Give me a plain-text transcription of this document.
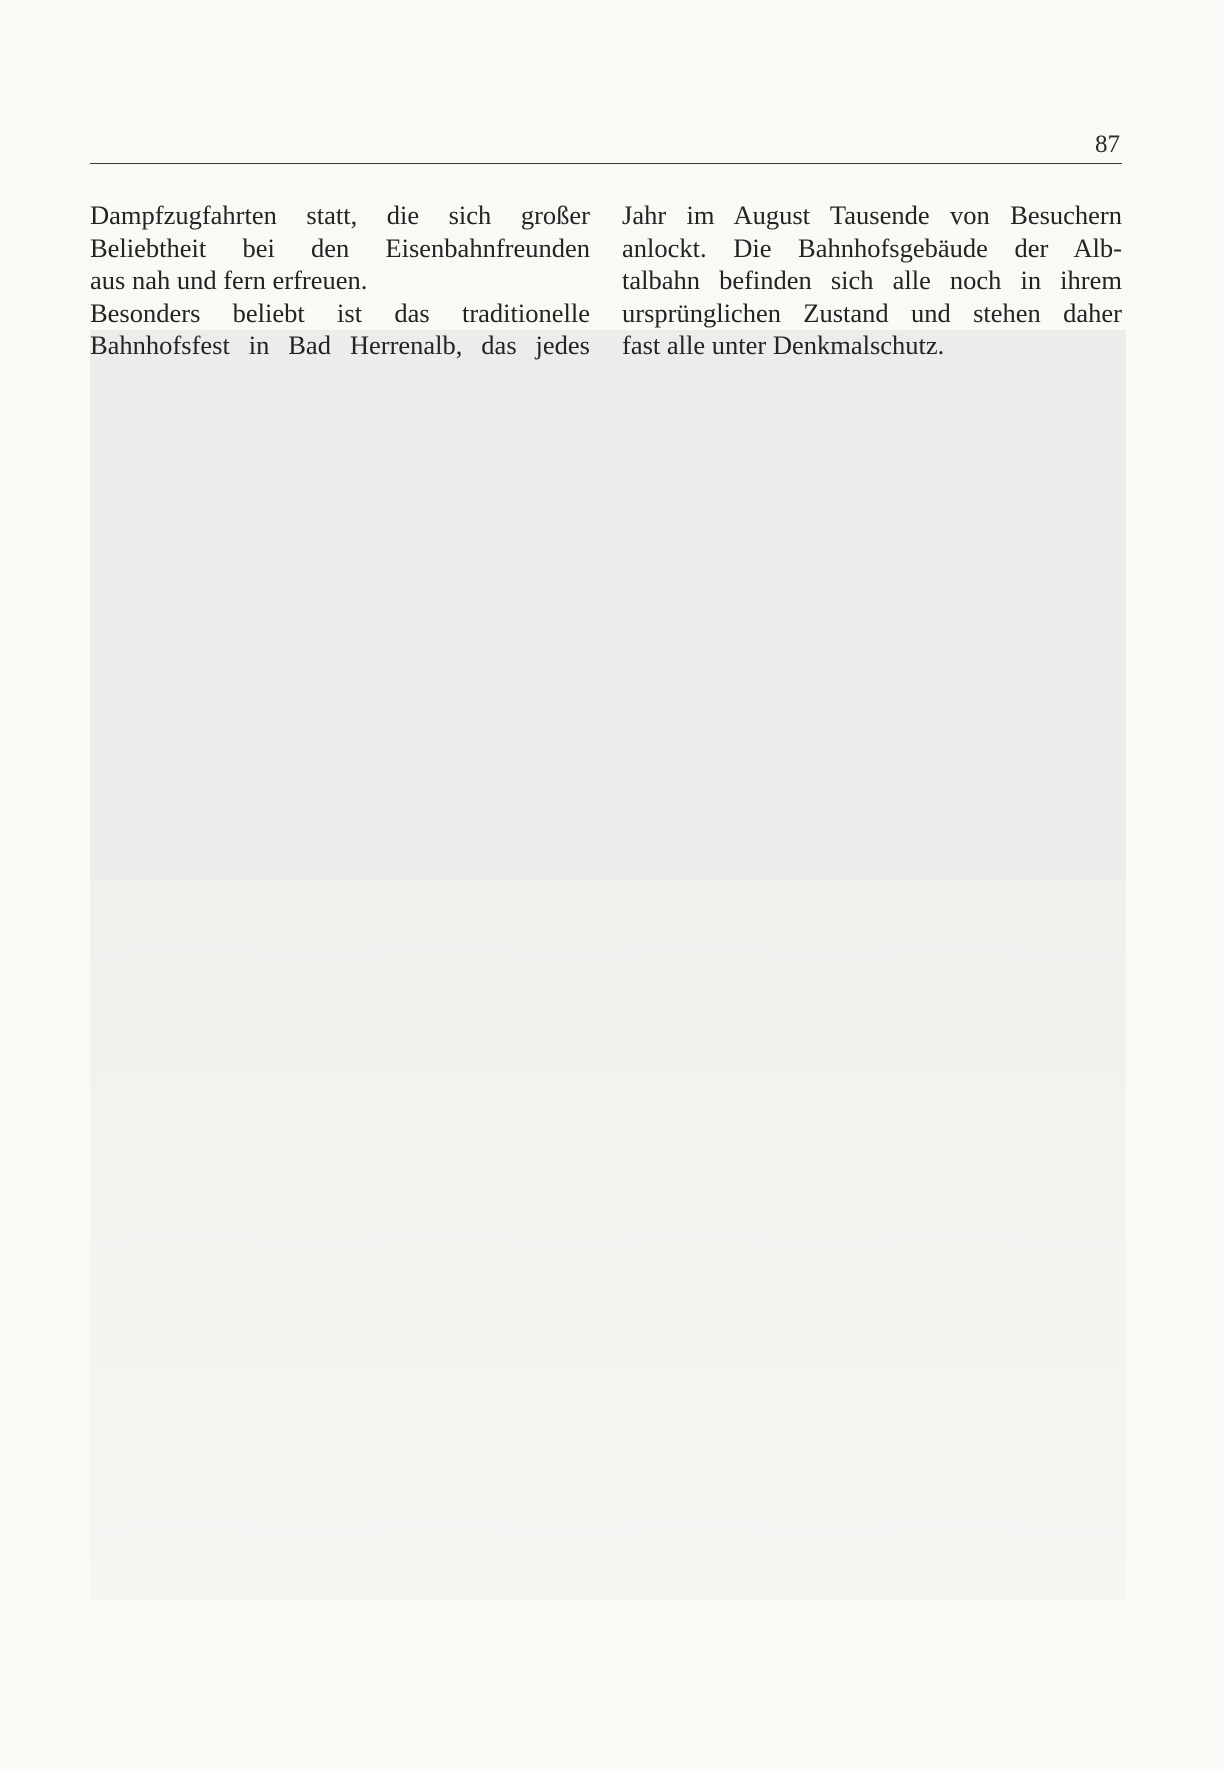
87
Dampfzugfahrten statt, die sich großer
Beliebtheit bei den Eisenbahnfreunden
aus nah und fern erfreuen.
Besonders beliebt ist das traditionelle
Bahnhofsfest in Bad Herrenalb, das jedes
Jahr im August Tausende von Besuchern
anlockt. Die Bahnhofsgebäude der Alb-
talbahn befinden sich alle noch in ihrem
ursprünglichen Zustand und stehen daher
fast alle unter Denkmalschutz.
